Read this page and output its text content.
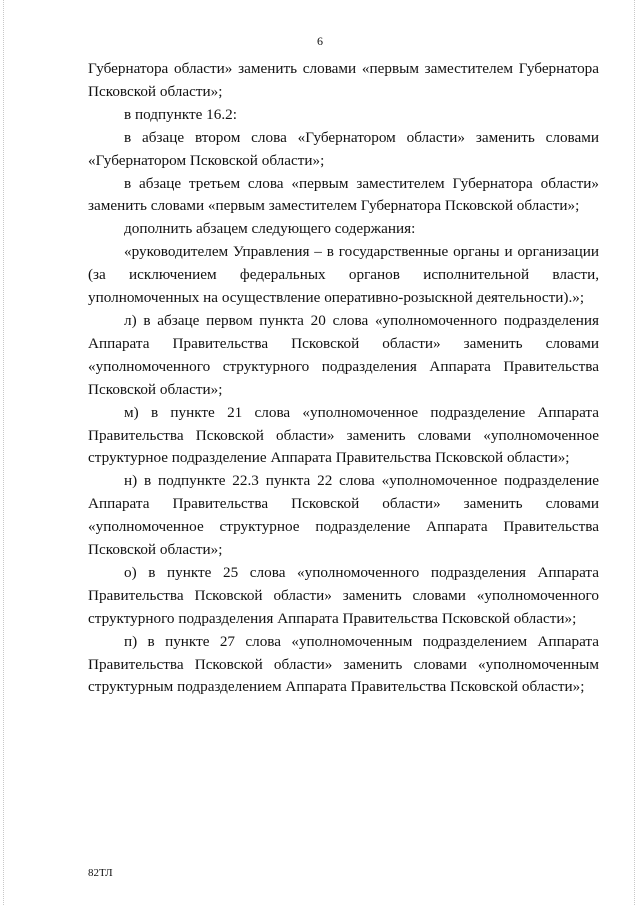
6

Губернатора области» заменить словами «первым заместителем Губернатора Псковской области»;

в подпункте 16.2:

в абзаце втором слова «Губернатором области» заменить словами «Губернатором Псковской области»;

в абзаце третьем слова «первым заместителем Губернатора области» заменить словами «первым заместителем Губернатора Псковской области»;

дополнить абзацем следующего содержания:

«руководителем Управления – в государственные органы и организации (за исключением федеральных органов исполнительной власти, уполномоченных на осуществление оперативно-розыскной деятельности).»;

л) в абзаце первом пункта 20 слова «уполномоченного подразделения Аппарата Правительства Псковской области» заменить словами «уполномоченного структурного подразделения Аппарата Правительства Псковской области»;

м) в пункте 21 слова «уполномоченное подразделение Аппарата Правительства Псковской области» заменить словами «уполномоченное структурное подразделение Аппарата Правительства Псковской области»;

н) в подпункте 22.3 пункта 22 слова «уполномоченное подразделение Аппарата Правительства Псковской области» заменить словами «уполномоченное структурное подразделение Аппарата Правительства Псковской области»;

о) в пункте 25 слова «уполномоченного подразделения Аппарата Правительства Псковской области» заменить словами «уполномоченного структурного подразделения Аппарата Правительства Псковской области»;

п) в пункте 27 слова «уполномоченным подразделением Аппарата Правительства Псковской области» заменить словами «уполномоченным структурным подразделением Аппарата Правительства Псковской области»;

82ТЛ
